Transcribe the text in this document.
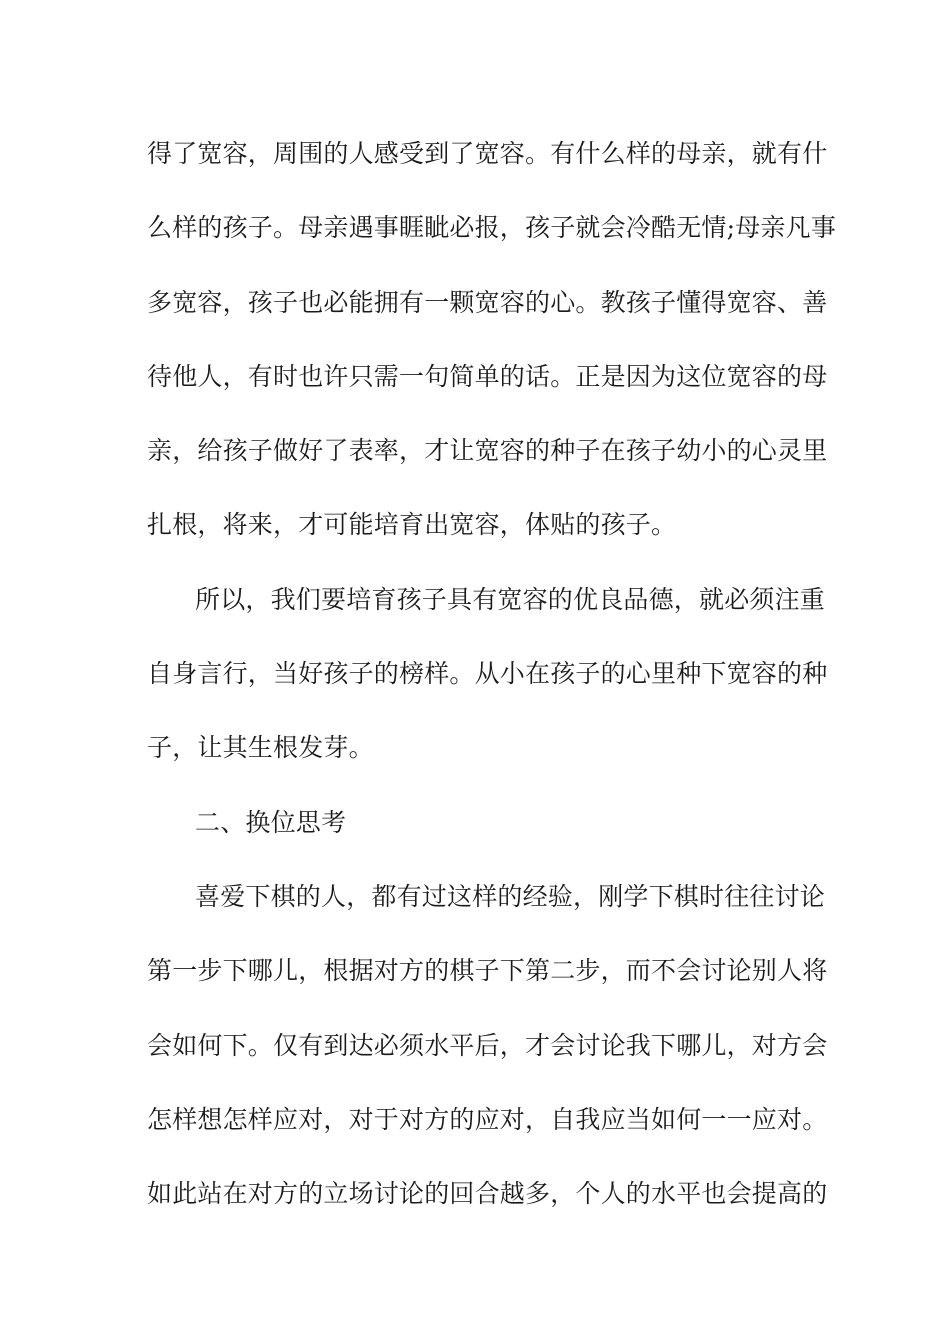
得了宽容，周围的人感受到了宽容。有什么样的母亲，就有什
么样的孩子。母亲遇事睚眦必报，孩子就会冷酷无情;母亲凡事
多宽容，孩子也必能拥有一颗宽容的心。教孩子懂得宽容、善
待他人，有时也许只需一句简单的话。正是因为这位宽容的母
亲，给孩子做好了表率，才让宽容的种子在孩子幼小的心灵里
扎根，将来，才可能培育出宽容，体贴的孩子。
所以，我们要培育孩子具有宽容的优良品德，就必须注重
自身言行，当好孩子的榜样。从小在孩子的心里种下宽容的种
子，让其生根发芽。
二、换位思考
喜爱下棋的人，都有过这样的经验，刚学下棋时往往讨论
第一步下哪儿，根据对方的棋子下第二步，而不会讨论别人将
会如何下。仅有到达必须水平后，才会讨论我下哪儿，对方会
怎样想怎样应对，对于对方的应对，自我应当如何一一应对。
如此站在对方的立场讨论的回合越多，个人的水平也会提高的
